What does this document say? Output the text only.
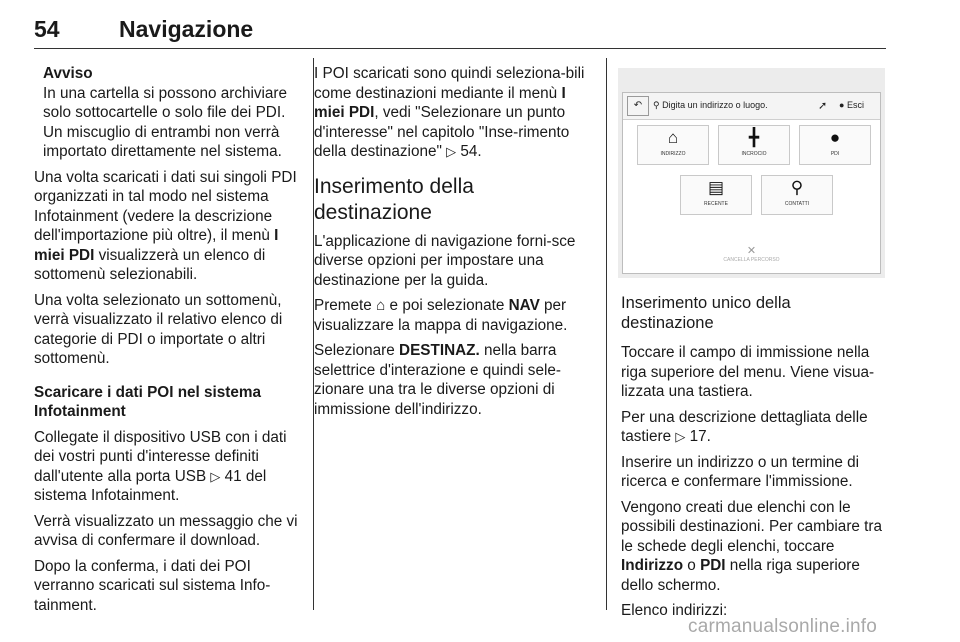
54	Navigazione

Avviso

In una cartella si possono archiviare solo sottocartelle o solo file dei PDI. Un miscuglio di entrambi non verrà importato direttamente nel sistema.

Una volta scaricati i dati sui singoli PDI organizzati in tal modo nel sistema Infotainment (vedere la descrizione dell'importazione più oltre), il menù I miei PDI visualizzerà un elenco di sottomenù selezionabili.

Una volta selezionato un sottomenù, verrà visualizzato il relativo elenco di categorie di PDI o importate o altri sottomenù.

Scaricare i dati POI nel sistema Infotainment

Collegate il dispositivo USB con i dati dei vostri punti d'interesse definiti dall'utente alla porta USB ▷ 41 del sistema Infotainment.

Verrà visualizzato un messaggio che vi avvisa di confermare il download.

Dopo la conferma, i dati dei POI verranno scaricati sul sistema Info-tainment.

I POI scaricati sono quindi seleziona-bili come destinazioni mediante il menù I miei PDI, vedi "Selezionare un punto d'interesse" nel capitolo "Inse-rimento della destinazione" ▷ 54.

Inserimento della destinazione

L'applicazione di navigazione forni-sce diverse opzioni per impostare una destinazione per la guida.

Premete ⌂ e poi selezionate NAV per visualizzare la mappa di navigazione.

Selezionare DESTINAZ. nella barra selettrice d'interazione e quindi sele-zionare una tra le diverse opzioni di immissione dell'indirizzo.

↶	⚲ Digita un indirizzo o luogo.	➚ ● Esci
⌂
INDIRIZZO
╋
INCROCIO
●
PDI
▤
RECENTE
⚲
CONTATTI
✕
CANCELLA PERCORSO
Inserimento unico della destinazione

Toccare il campo di immissione nella riga superiore del menu. Viene visua-lizzata una tastiera.

Per una descrizione dettagliata delle tastiere ▷ 17.

Inserire un indirizzo o un termine di ricerca e confermare l'immissione.

Vengono creati due elenchi con le possibili destinazioni. Per cambiare tra le schede degli elenchi, toccare Indirizzo o PDI nella riga superiore dello schermo.

Elenco indirizzi:

carmanualsonline.info
